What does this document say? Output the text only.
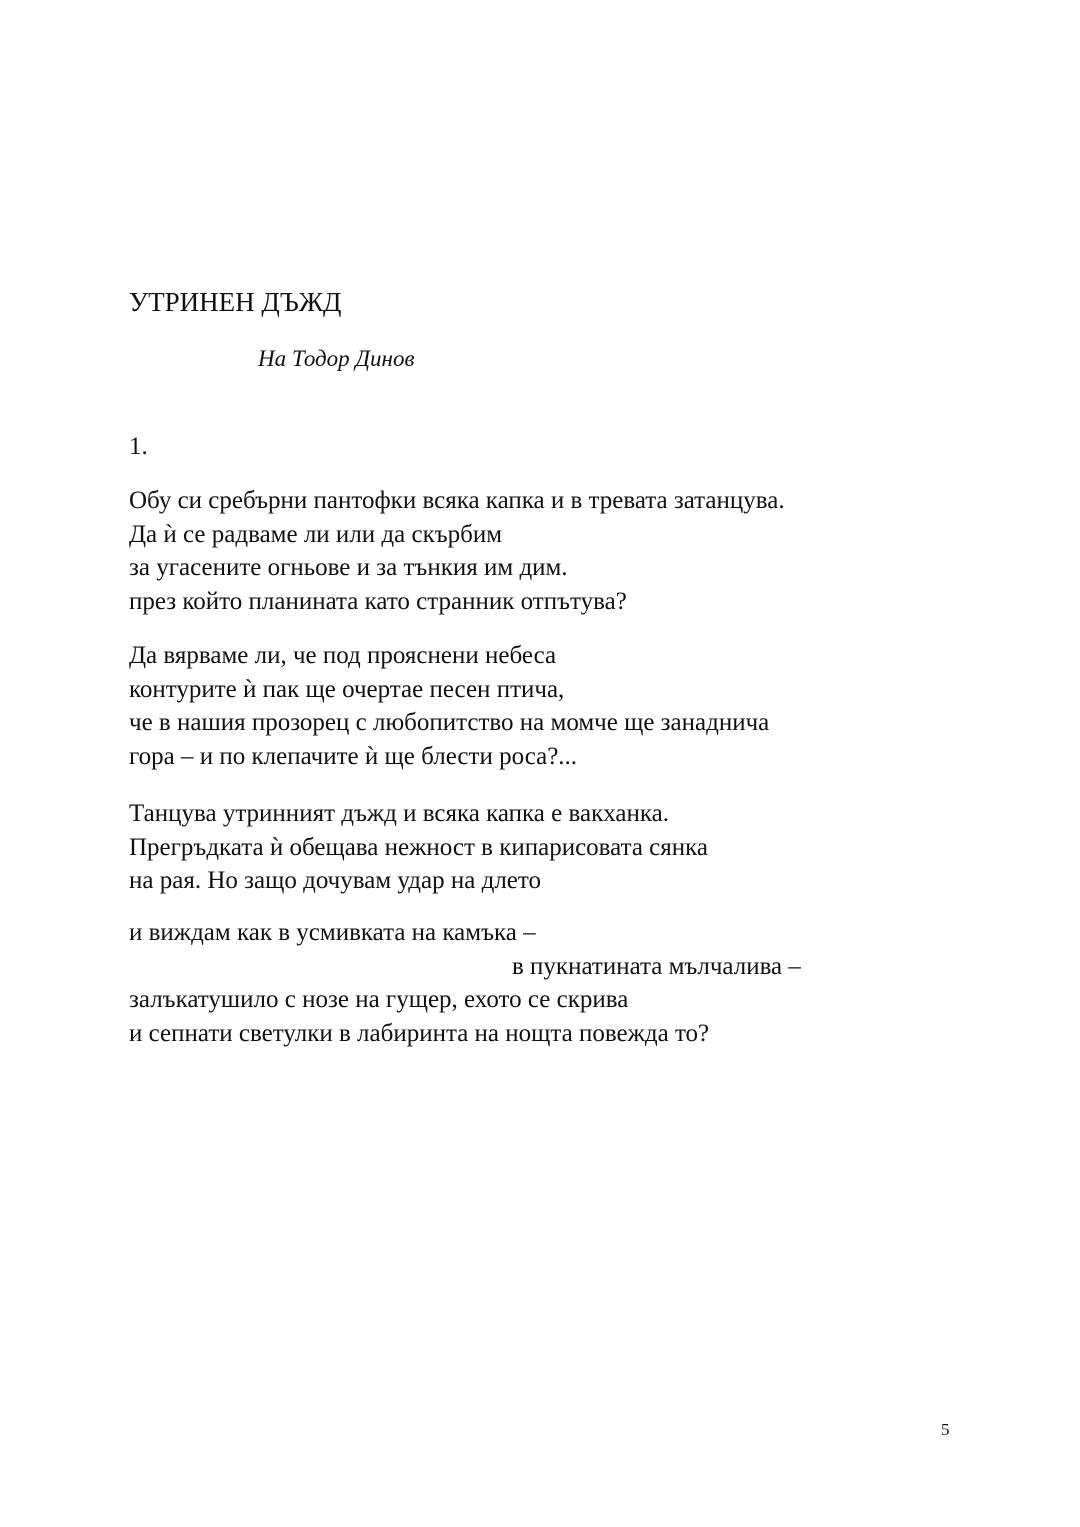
УТРИНЕН ДЪЖД
На Тодор Динов
1.
Обу си сребърни пантофки всяка капка и в тревата затанцува.
Да ѝ се радваме ли или да скърбим
за угасените огньове и за тънкия им дим.
през който планината като странник отпътува?
Да вярваме ли, че под прояснени небеса
контурите ѝ пак ще очертае песен птича,
че в нашия прозорец с любопитство на момче ще занаднича
гора – и по клепачите ѝ ще блести роса?...
Танцува утринният дъжд и всяка капка е вакханка.
Прегръдката ѝ обещава нежност в кипарисовата сянка
на рая. Но защо дочувам удар на длето
и виждам как в усмивката на камъка –
в пукнатината мълчалива –
залъкатушило с нозе на гущер, ехото се скрива
и сепнати светулки в лабиринта на нощта повежда то?
5
